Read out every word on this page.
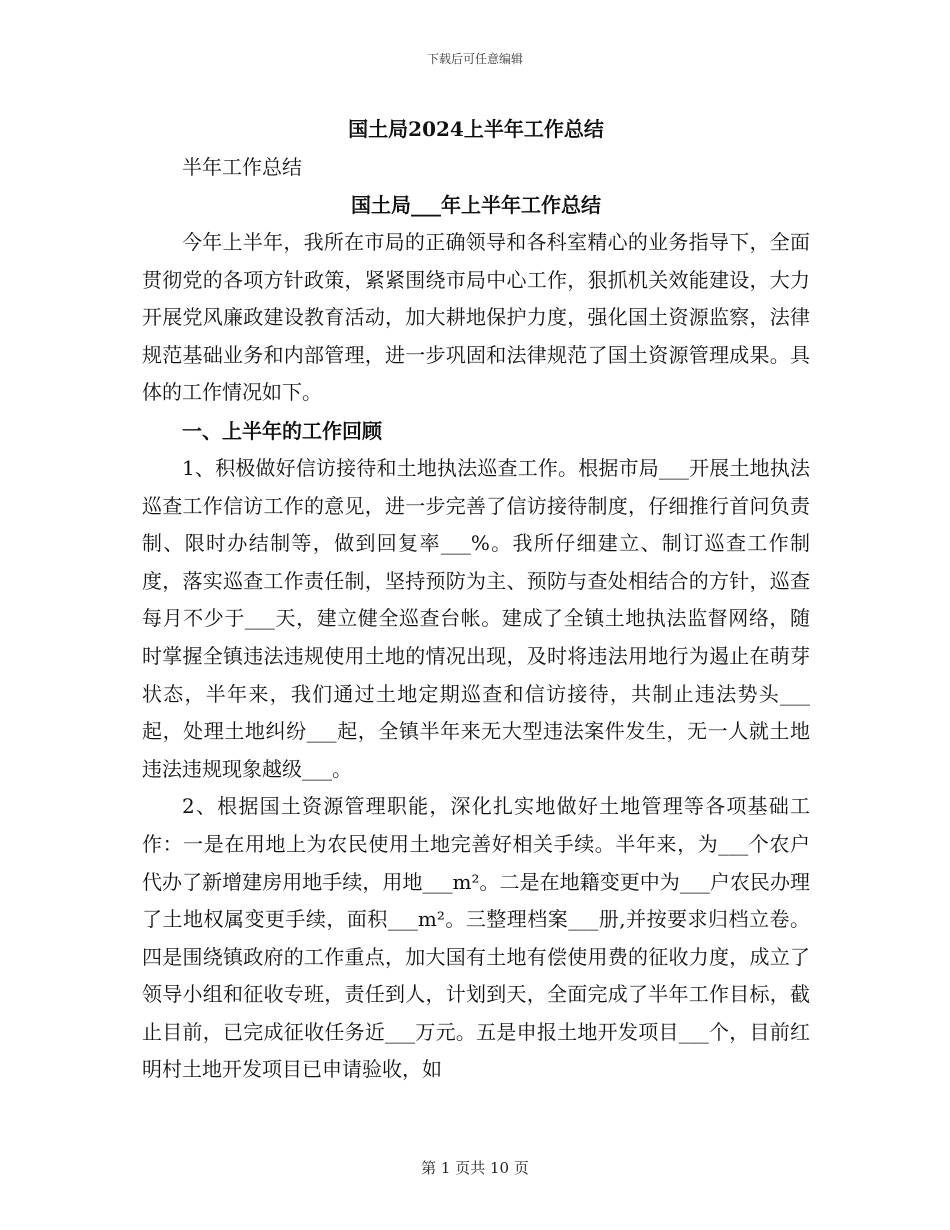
下载后可任意编辑

国土局2024上半年工作总结

半年工作总结

国土局___年上半年工作总结

今年上半年，我所在市局的正确领导和各科室精心的业务指导下，全面贯彻党的各项方针政策，紧紧围绕市局中心工作，狠抓机关效能建设，大力开展党风廉政建设教育活动，加大耕地保护力度，强化国土资源监察，法律规范基础业务和内部管理，进一步巩固和法律规范了国土资源管理成果。具体的工作情况如下。

一、上半年的工作回顾

1、积极做好信访接待和土地执法巡查工作。根据市局___开展土地执法巡查工作信访工作的意见，进一步完善了信访接待制度，仔细推行首问负责制、限时办结制等，做到回复率___%。我所仔细建立、制订巡查工作制度，落实巡查工作责任制，坚持预防为主、预防与查处相结合的方针，巡查每月不少于___天，建立健全巡查台帐。建成了全镇土地执法监督网络，随时掌握全镇违法违规使用土地的情况出现，及时将违法用地行为遏止在萌芽状态，半年来，我们通过土地定期巡查和信访接待，共制止违法势头___起，处理土地纠纷___起，全镇半年来无大型违法案件发生，无一人就土地违法违规现象越级___。

2、根据国土资源管理职能，深化扎实地做好土地管理等各项基础工作：一是在用地上为农民使用土地完善好相关手续。半年来，为___个农户代办了新增建房用地手续，用地___m²。二是在地籍变更中为___户农民办理了土地权属变更手续，面积___m²。三整理档案___册,并按要求归档立卷。四是围绕镇政府的工作重点，加大国有土地有偿使用费的征收力度，成立了领导小组和征收专班，责任到人，计划到天，全面完成了半年工作目标，截止目前，已完成征收任务近___万元。五是申报土地开发项目___个，目前红明村土地开发项目已申请验收，如

第 1 页共 10 页
